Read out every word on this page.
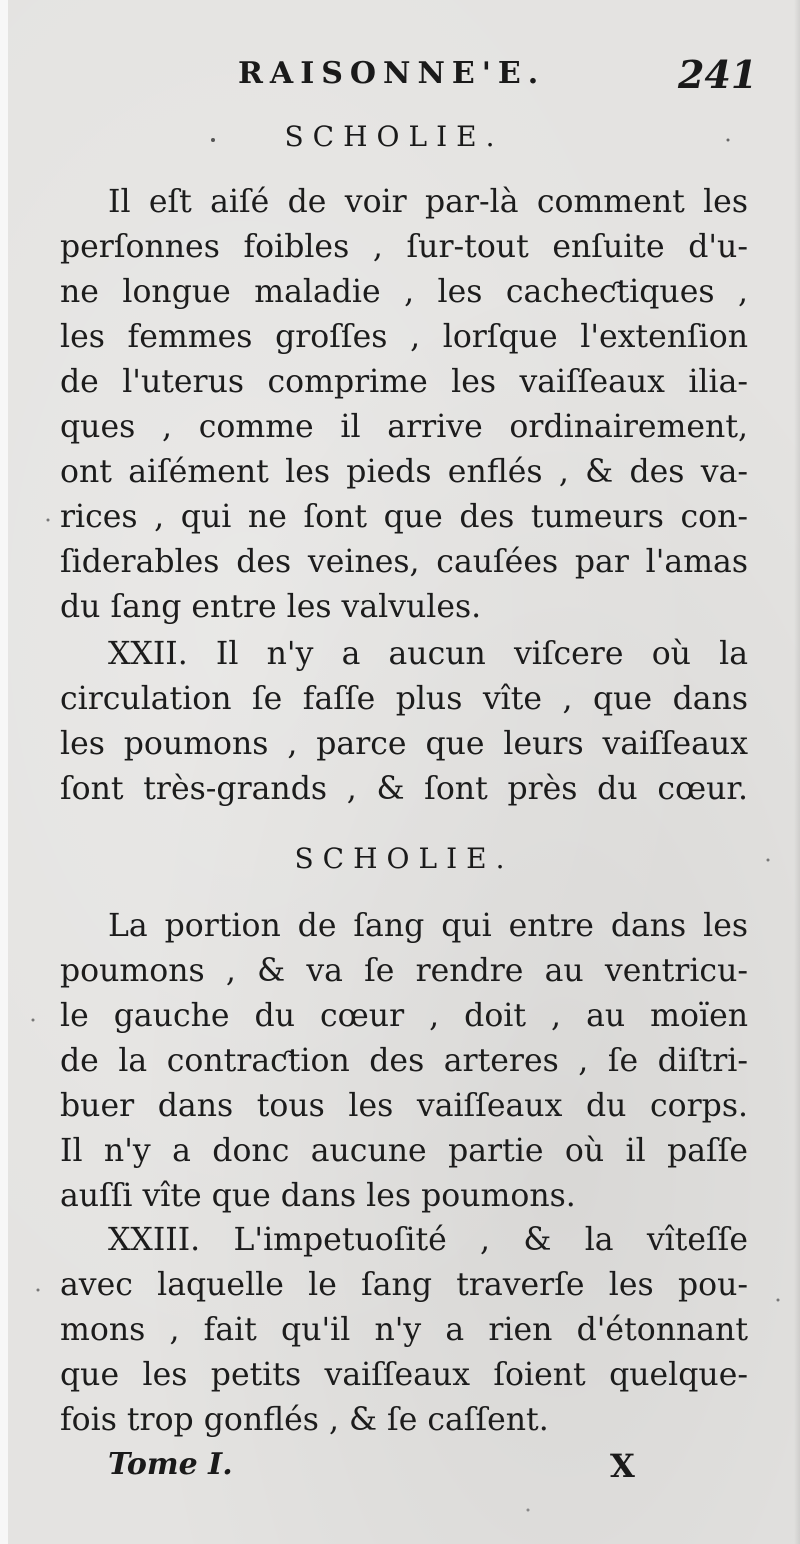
RAISONNE'E.	241
SCHOLIE.
Il eſt aiſé de voir par-là comment les
perſonnes foibles , ſur-tout enſuite d'u-
ne longue maladie , les cacheƈtiques ,
les femmes groſſes , lorſque l'extenſion
de l'uterus comprime les vaiſſeaux ilia-
ques , comme il arrive ordinairement,
ont aiſément les pieds enflés , & des va-
rices , qui ne ſont que des tumeurs con-
ſiderables des veines, cauſées par l'amas
du ſang entre les valvules.
XXII. Il n'y a aucun viſcere où la
circulation ſe faſſe plus vîte , que dans
les poumons , parce que leurs vaiſſeaux
ſont très-grands , & ſont près du cœur.
SCHOLIE.
La portion de ſang qui entre dans les
poumons , & va ſe rendre au ventricu-
le gauche du cœur , doit , au moïen
de la contraƈtion des arteres , ſe diſtri-
buer dans tous les vaiſſeaux du corps.
Il n'y a donc aucune partie où il paſſe
auſſi vîte que dans les poumons.
XXIII. L'impetuoſité , & la vîteſſe
avec laquelle le ſang traverſe les pou-
mons , fait qu'il n'y a rien d'étonnant
que les petits vaiſſeaux ſoient quelque-
fois trop gonflés , & ſe caſſent.
Tome I.	X
